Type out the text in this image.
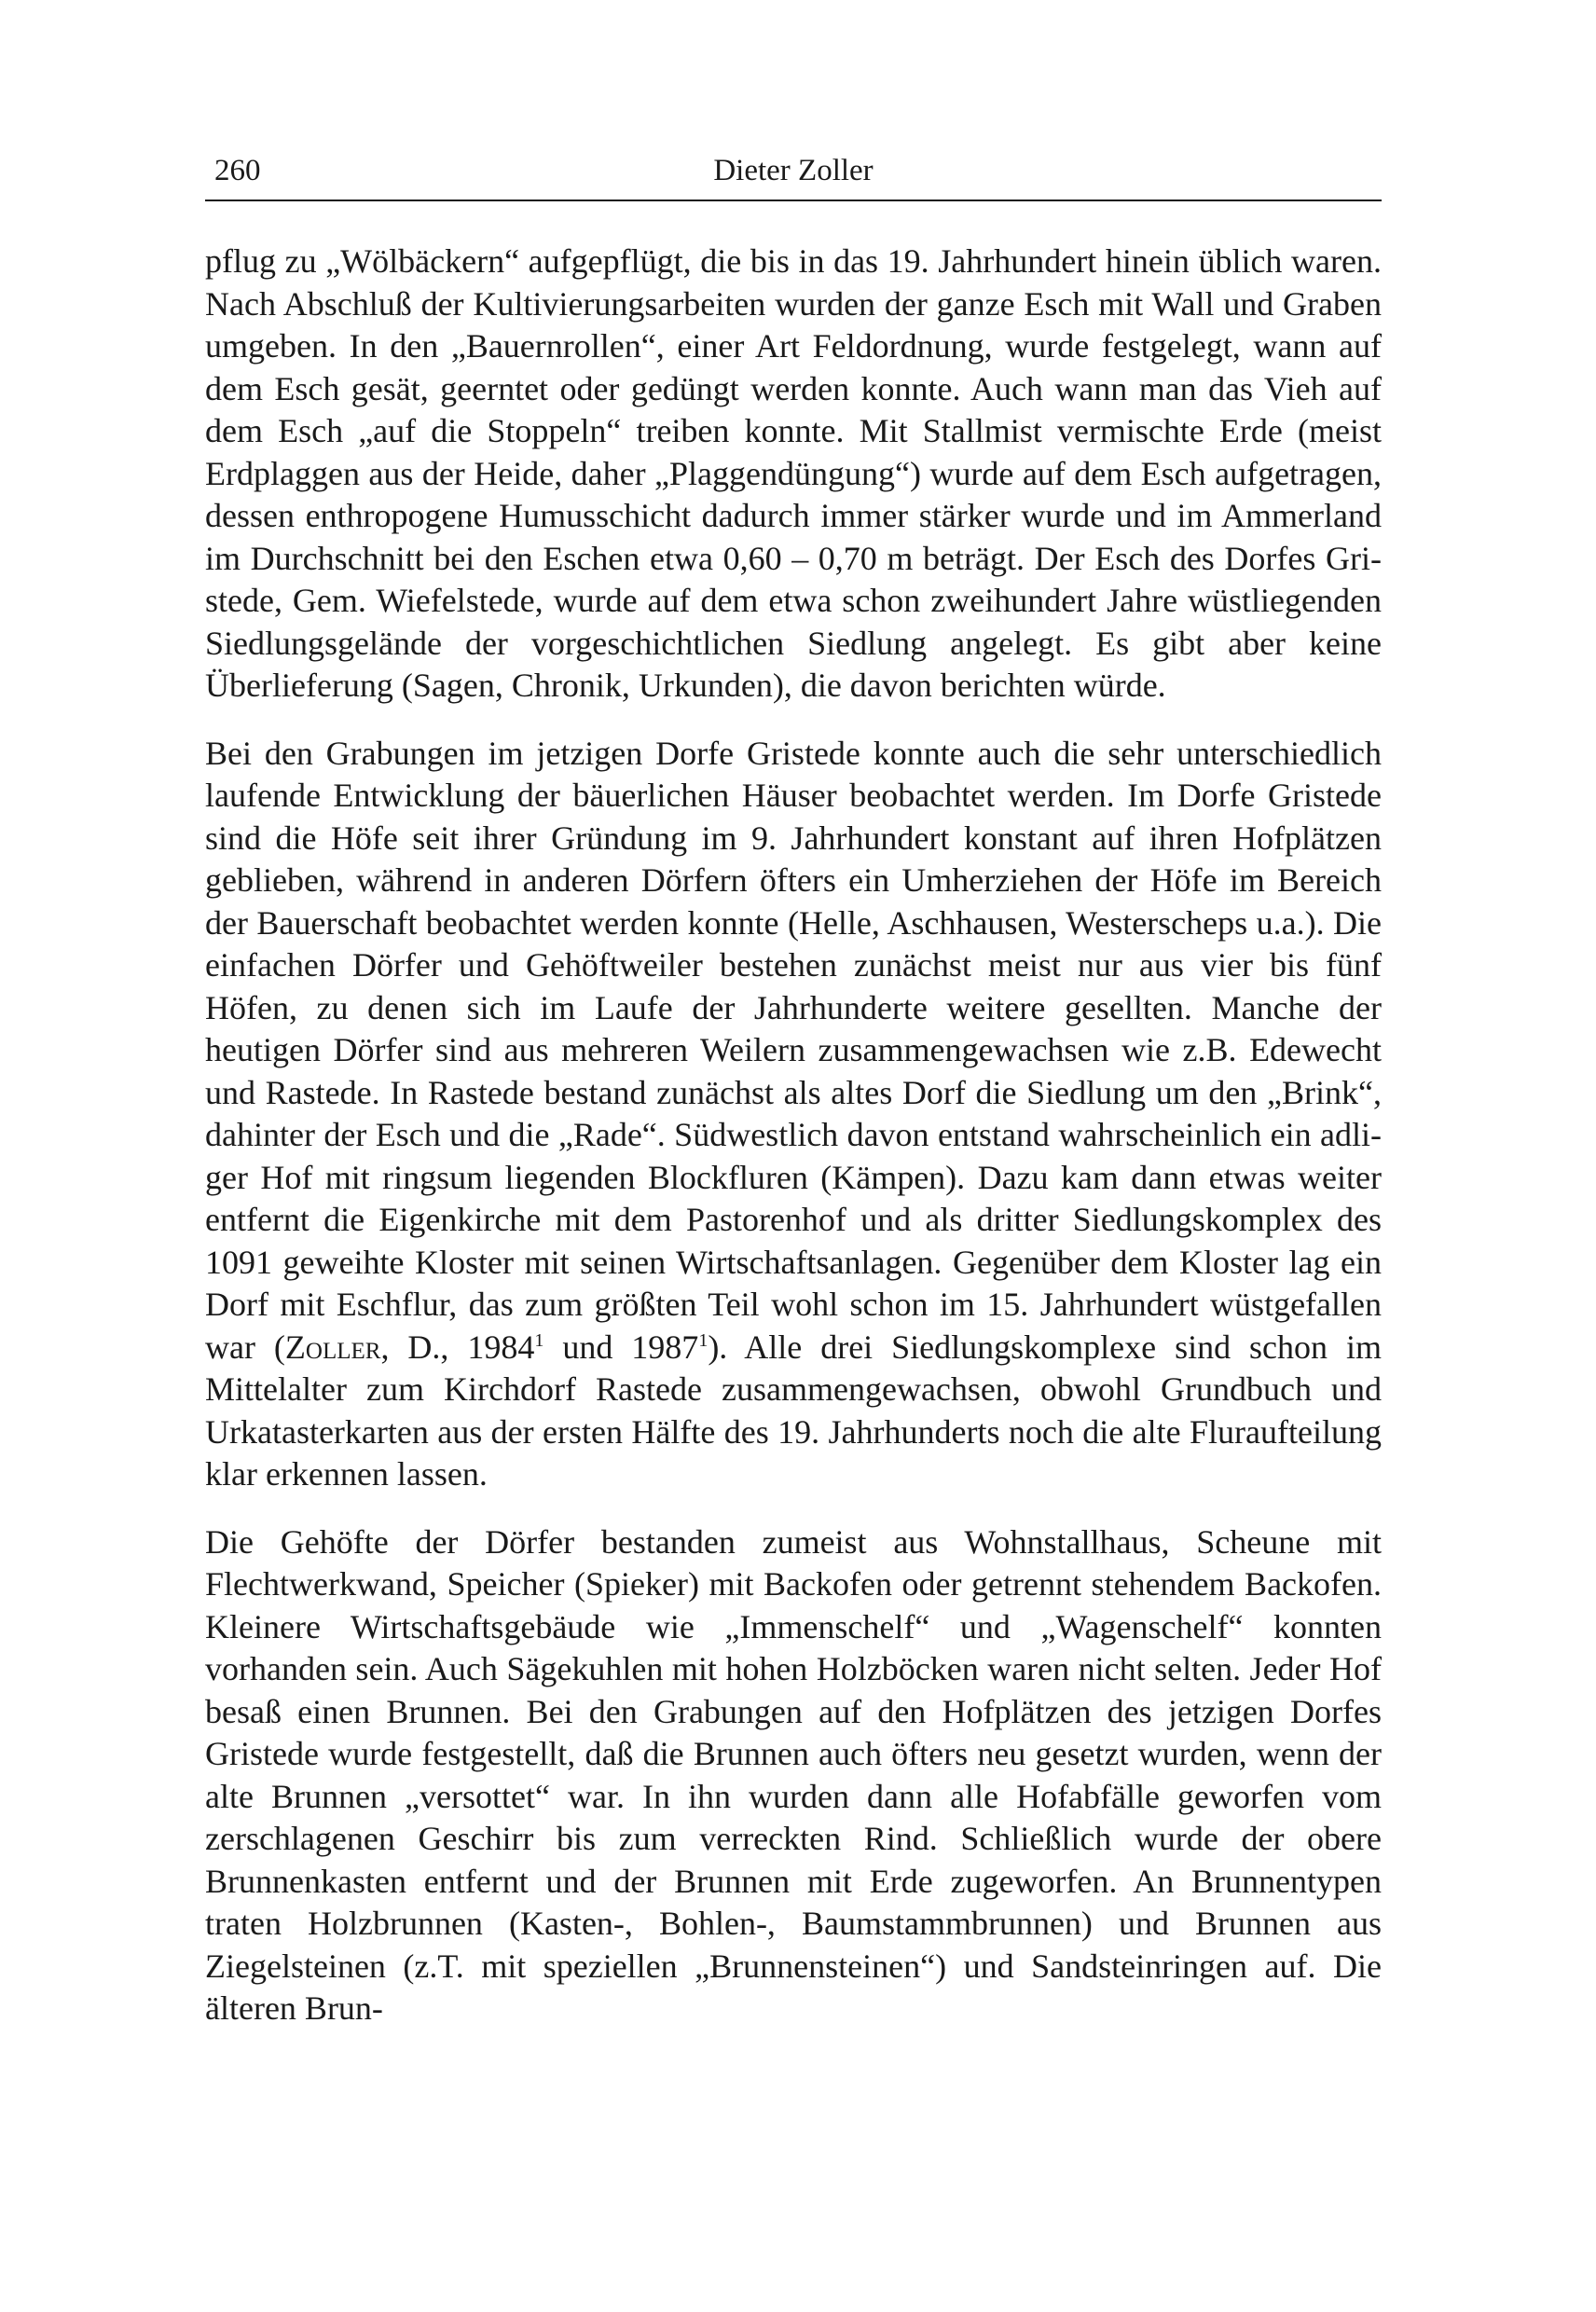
260	Dieter Zoller

pflug zu „Wölbäckern“ aufgepflügt, die bis in das 19. Jahrhundert hinein üblich waren. Nach Abschluß der Kultivierungsarbeiten wurden der ganze Esch mit Wall und Graben umgeben. In den „Bauernrollen“, einer Art Feldordnung, wurde festgelegt, wann auf dem Esch gesät, geerntet oder gedüngt werden konnte. Auch wann man das Vieh auf dem Esch „auf die Stoppeln“ treiben konnte. Mit Stallmist vermischte Erde (meist Erdplaggen aus der Heide, daher „Plaggendüngung“) wurde auf dem Esch aufgetragen, dessen enthropogene Humusschicht dadurch immer stärker wurde und im Ammerland im Durchschnitt bei den Eschen etwa 0,60 – 0,70 m beträgt. Der Esch des Dorfes Gristede, Gem. Wiefelstede, wurde auf dem etwa schon zweihundert Jahre wüstliegenden Siedlungsgelände der vorgeschichtlichen Siedlung angelegt. Es gibt aber keine Überlieferung (Sagen, Chronik, Urkunden), die davon berichten würde.

Bei den Grabungen im jetzigen Dorfe Gristede konnte auch die sehr unterschiedlich laufende Entwicklung der bäuerlichen Häuser beobachtet werden. Im Dorfe Gristede sind die Höfe seit ihrer Gründung im 9. Jahrhundert konstant auf ihren Hofplätzen geblieben, während in anderen Dörfern öfters ein Umherziehen der Höfe im Bereich der Bauerschaft beobachtet werden konnte (Helle, Aschhausen, Westerscheps u.a.). Die einfachen Dörfer und Gehöftweiler bestehen zunächst meist nur aus vier bis fünf Höfen, zu denen sich im Laufe der Jahrhunderte weitere gesellten. Manche der heutigen Dörfer sind aus mehreren Weilern zusammengewachsen wie z.B. Edewecht und Rastede. In Rastede bestand zunächst als altes Dorf die Siedlung um den „Brink“, dahinter der Esch und die „Rade“. Südwestlich davon entstand wahrscheinlich ein adliger Hof mit ringsum liegenden Blockfluren (Kämpen). Dazu kam dann etwas weiter entfernt die Eigenkirche mit dem Pastorenhof und als dritter Siedlungskomplex des 1091 geweihte Kloster mit seinen Wirtschaftsanlagen. Gegenüber dem Kloster lag ein Dorf mit Eschflur, das zum größten Teil wohl schon im 15. Jahrhundert wüstgefallen war (Zoller, D., 1984$^1$ und 1987$^1$). Alle drei Siedlungskomplexe sind schon im Mittelalter zum Kirchdorf Rastede zusammengewachsen, obwohl Grundbuch und Urkatasterkarten aus der ersten Hälfte des 19. Jahrhunderts noch die alte Fluraufteilung klar erkennen lassen.

Die Gehöfte der Dörfer bestanden zumeist aus Wohnstallhaus, Scheune mit Flechtwerkwand, Speicher (Spieker) mit Backofen oder getrennt stehendem Backofen. Kleinere Wirtschaftsgebäude wie „Immenschelf“ und „Wagenschelf“ konnten vorhanden sein. Auch Sägekuhlen mit hohen Holzböcken waren nicht selten. Jeder Hof besaß einen Brunnen. Bei den Grabungen auf den Hofplätzen des jetzigen Dorfes Gristede wurde festgestellt, daß die Brunnen auch öfters neu gesetzt wurden, wenn der alte Brunnen „versottet“ war. In ihn wurden dann alle Hofabfälle geworfen vom zerschlagenen Geschirr bis zum verreckten Rind. Schließlich wurde der obere Brunnenkasten entfernt und der Brunnen mit Erde zugeworfen. An Brunnentypen traten Holzbrunnen (Kasten-, Bohlen-, Baumstammbrunnen) und Brunnen aus Ziegelsteinen (z.T. mit speziellen „Brunnensteinen“) und Sandsteinringen auf. Die älteren Brun-
